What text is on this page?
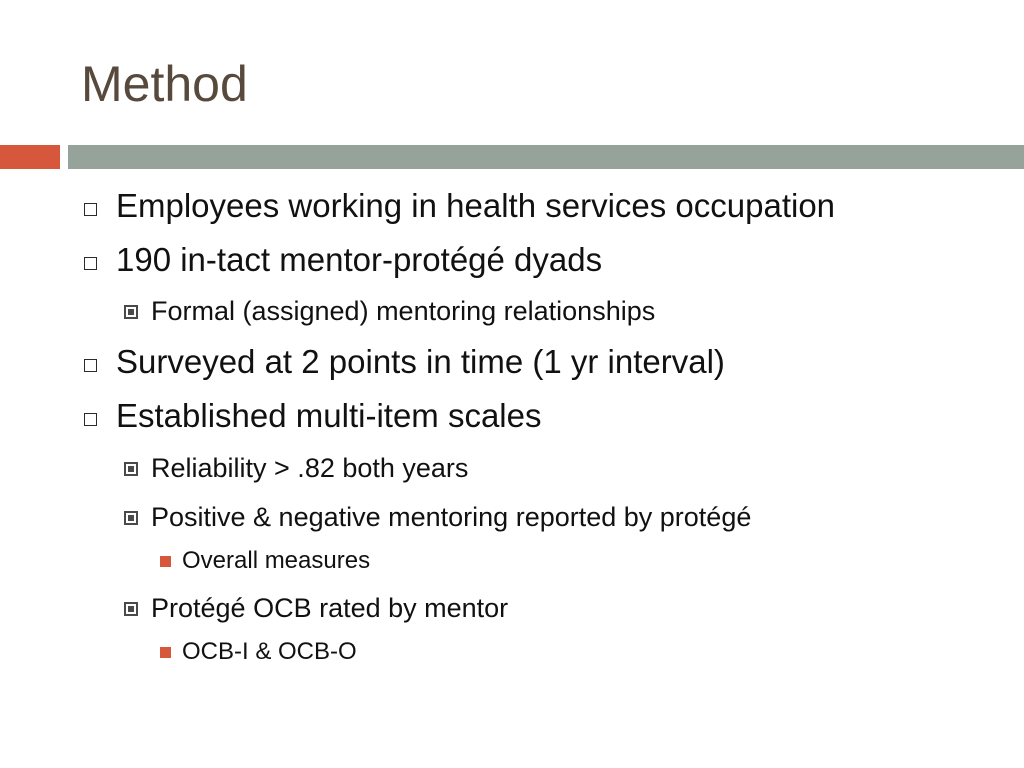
Method
Employees working in health services occupation
190 in-tact mentor-protégé dyads
Formal (assigned) mentoring relationships
Surveyed at 2 points in time (1 yr interval)
Established multi-item scales
Reliability > .82 both years
Positive & negative mentoring reported by protégé
Overall measures
Protégé OCB rated by mentor
OCB-I & OCB-O
